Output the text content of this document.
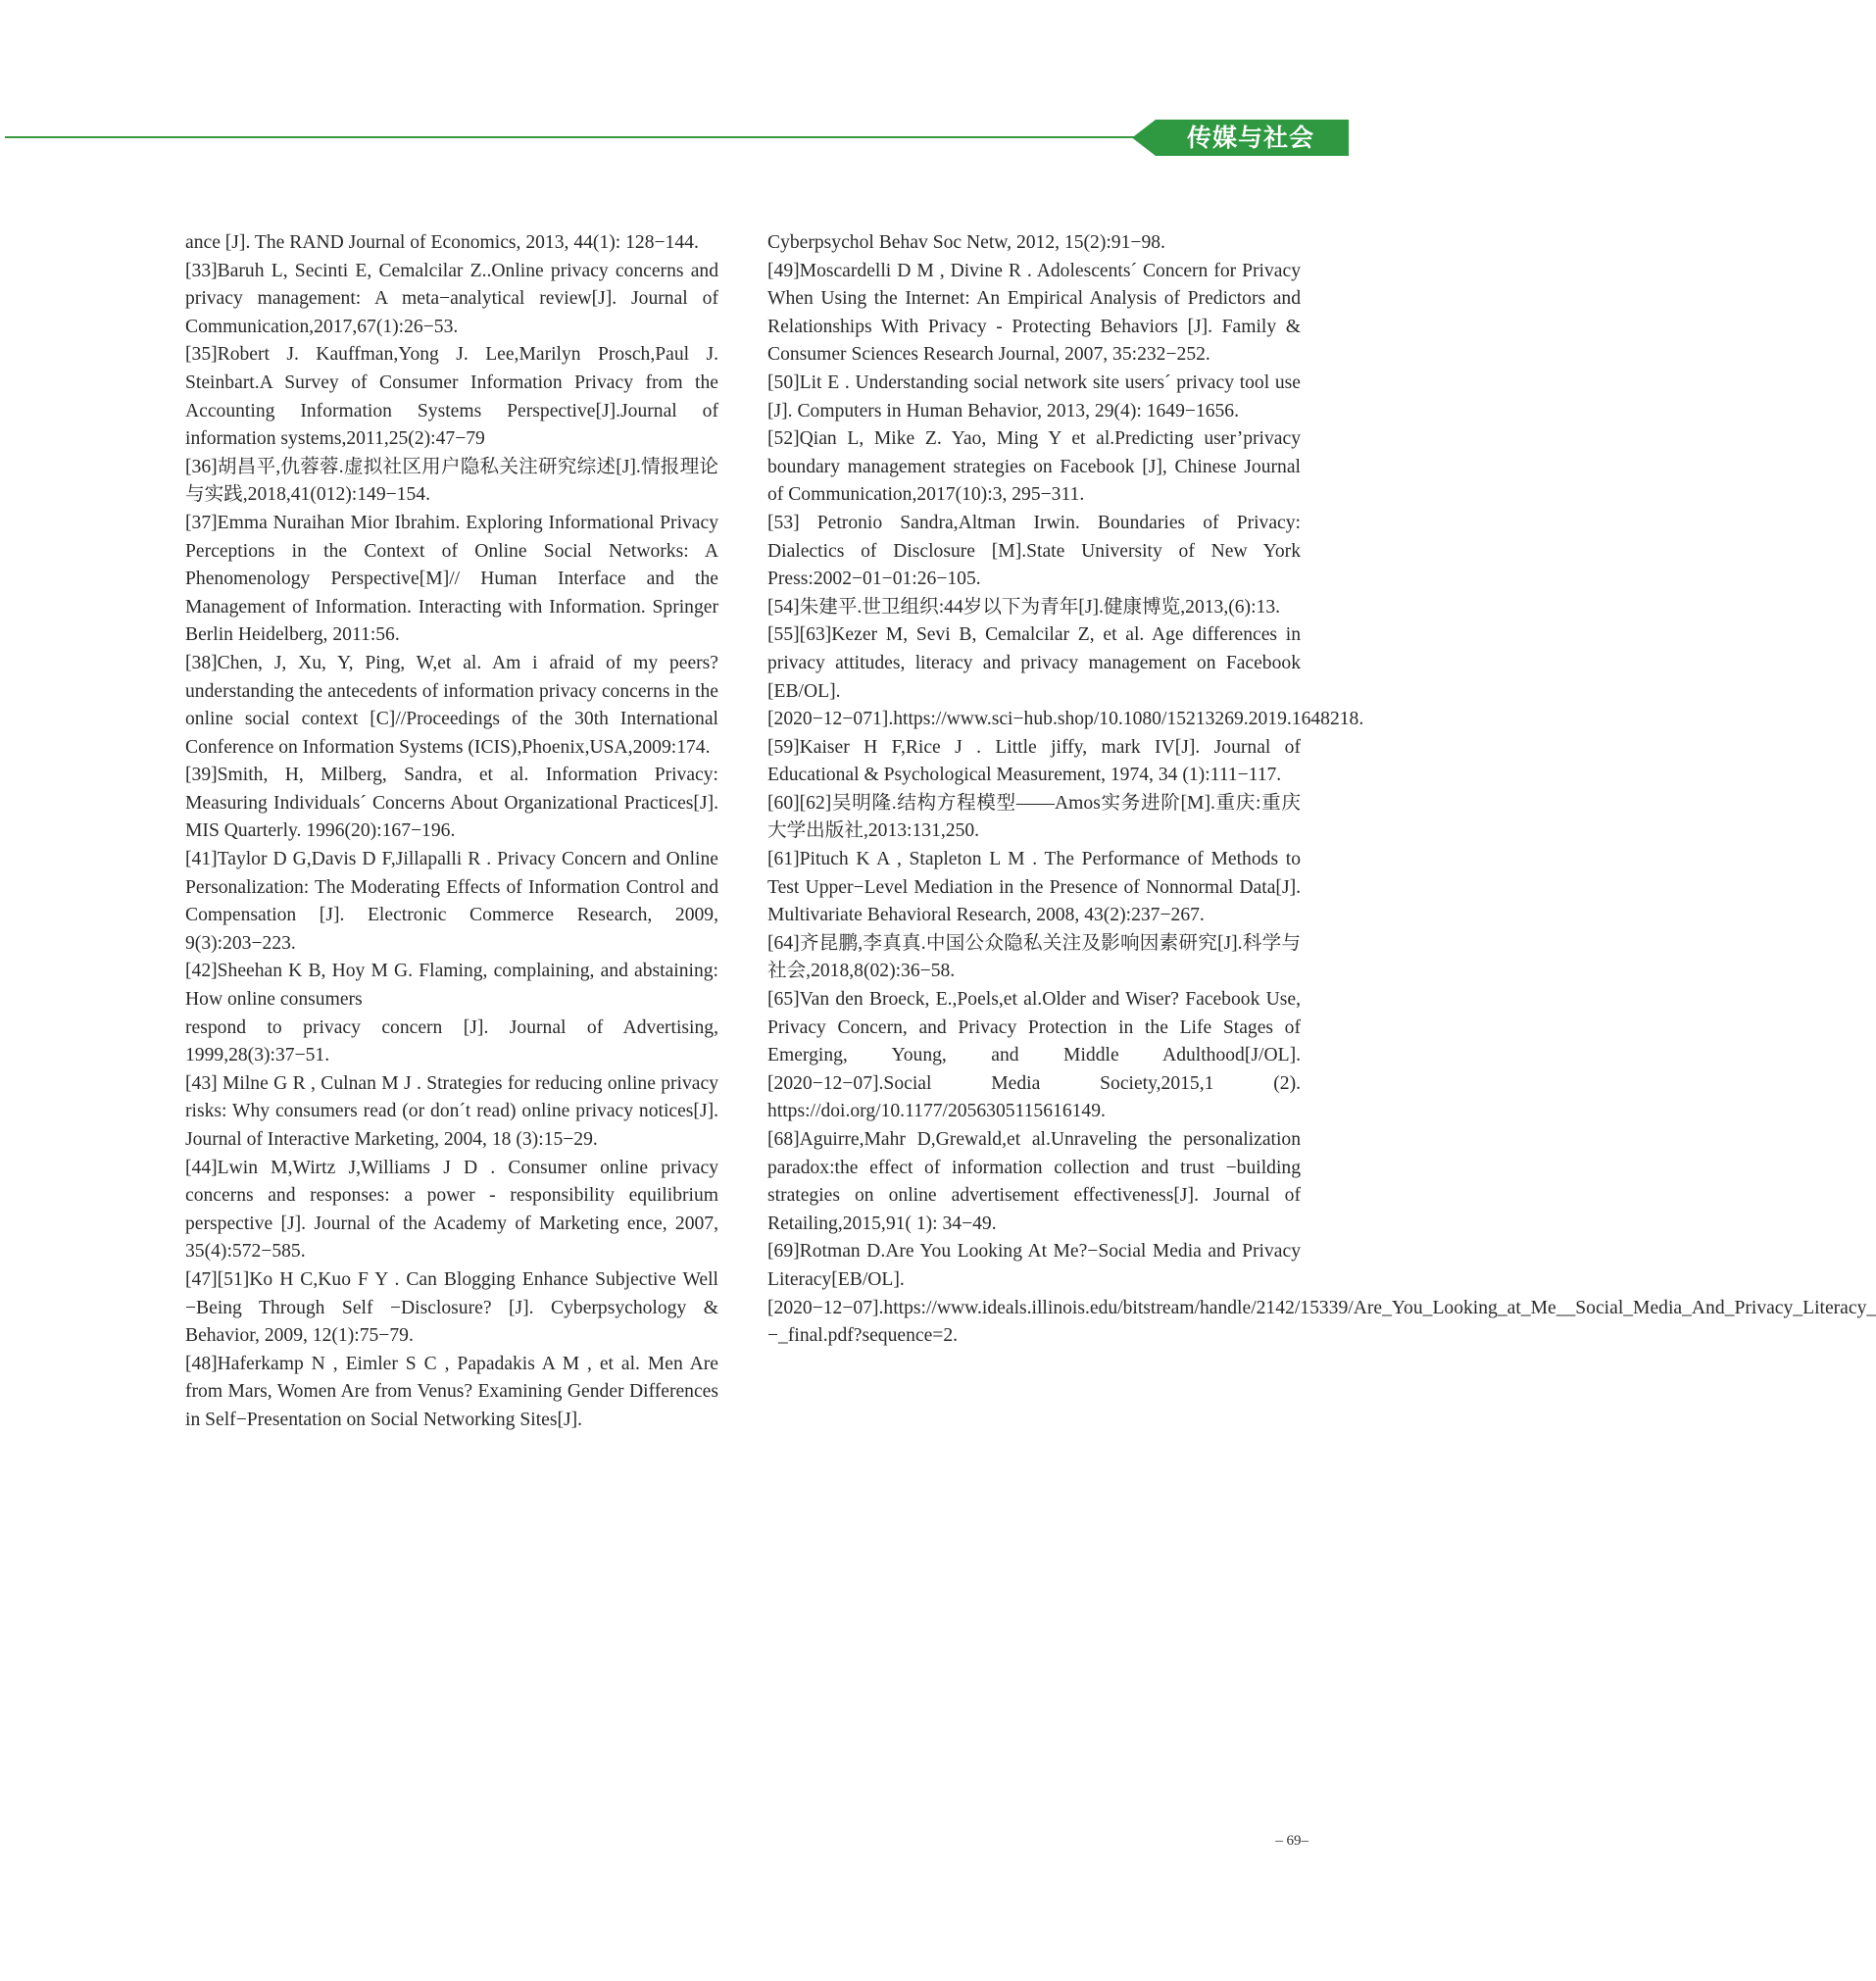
传媒与社会

ance [J]. The RAND Journal of Economics, 2013, 44(1): 128−144.

[33]Baruh L, Secinti E, Cemalcilar Z..Online privacy concerns and privacy management: A meta−analytical review[J]. Journal of Communication,2017,67(1):26−53.

[35]Robert J. Kauffman,Yong J. Lee,Marilyn Prosch,Paul J. Steinbart.A Survey of Consumer Information Privacy from the Accounting Information Systems Perspective[J].Journal of information systems,2011,25(2):47−79

[36]胡昌平,仇蓉蓉.虚拟社区用户隐私关注研究综述[J].情报理论与实践,2018,41(012):149−154.

[37]Emma Nuraihan Mior Ibrahim. Exploring Informational Privacy Perceptions in the Context of Online Social Networks: A Phenomenology Perspective[M]// Human Interface and the Management of Information. Interacting with Information. Springer Berlin Heidelberg, 2011:56.

[38]Chen, J, Xu, Y, Ping, W,et al. Am i afraid of my peers? understanding the antecedents of information privacy concerns in the online social context [C]//Proceedings of the 30th International Conference on Information Systems (ICIS),Phoenix,USA,2009:174.

[39]Smith, H, Milberg, Sandra, et al. Information Privacy: Measuring Individuals´ Concerns About Organizational Practices[J]. MIS Quarterly. 1996(20):167−196.

[41]Taylor D G,Davis D F,Jillapalli R . Privacy Concern and Online Personalization: The Moderating Effects of Information Control and Compensation [J]. Electronic Commerce Research, 2009, 9(3):203−223.

[42]Sheehan K B, Hoy M G. Flaming, complaining, and abstaining: How online consumers

respond to privacy concern [J]. Journal of Advertising, 1999,28(3):37−51.

[43] Milne G R , Culnan M J . Strategies for reducing online privacy risks: Why consumers read (or don´t read) online privacy notices[J]. Journal of Interactive Marketing, 2004, 18 (3):15−29.

[44]Lwin M,Wirtz J,Williams J D . Consumer online privacy concerns and responses: a power - responsibility equilibrium perspective [J]. Journal of the Academy of Marketing ence, 2007, 35(4):572−585.

[47][51]Ko H C,Kuo F Y . Can Blogging Enhance Subjective Well −Being Through Self −Disclosure? [J]. Cyberpsychology & Behavior, 2009, 12(1):75−79.

[48]Haferkamp N , Eimler S C , Papadakis A M , et al. Men Are from Mars, Women Are from Venus? Examining Gender Differences in Self−Presentation on Social Networking Sites[J].

Cyberpsychol Behav Soc Netw, 2012, 15(2):91−98.

[49]Moscardelli D M , Divine R . Adolescents´ Concern for Privacy When Using the Internet: An Empirical Analysis of Predictors and Relationships With Privacy - Protecting Behaviors [J]. Family & Consumer Sciences Research Journal, 2007, 35:232−252.

[50]Lit E . Understanding social network site users´ privacy tool use [J]. Computers in Human Behavior, 2013, 29(4): 1649−1656.

[52]Qian L, Mike Z. Yao, Ming Y et al.Predicting user’privacy boundary management strategies on Facebook [J], Chinese Journal of Communication,2017(10):3, 295−311.

[53] Petronio Sandra,Altman Irwin. Boundaries of Privacy: Dialectics of Disclosure [M].State University of New York Press:2002−01−01:26−105.

[54]朱建平.世卫组织:44岁以下为青年[J].健康博览,2013,(6):13.

[55][63]Kezer M, Sevi B, Cemalcilar Z, et al. Age differences in privacy attitudes, literacy and privacy management on Facebook [EB/OL]. [2020−12−071].https://www.sci−hub.shop/10.1080/15213269.2019.1648218.

[59]Kaiser H F,Rice J . Little jiffy, mark IV[J]. Journal of Educational & Psychological Measurement, 1974, 34 (1):111−117.

[60][62]吴明隆.结构方程模型——Amos实务进阶[M].重庆:重庆大学出版社,2013:131,250.

[61]Pituch K A , Stapleton L M . The Performance of Methods to Test Upper−Level Mediation in the Presence of Nonnormal Data[J]. Multivariate Behavioral Research, 2008, 43(2):237−267.

[64]齐昆鹏,李真真.中国公众隐私关注及影响因素研究[J].科学与社会,2018,8(02):36−58.

[65]Van den Broeck, E.,Poels,et al.Older and Wiser? Facebook Use, Privacy Concern, and Privacy Protection in the Life Stages of Emerging, Young, and Middle Adulthood[J/OL].[2020−12−07].Social Media Society,2015,1 (2). https://doi.org/10.1177/2056305115616149.

[68]Aguirre,Mahr D,Grewald,et al.Unraveling the personalization paradox:the effect of information collection and trust −building strategies on online advertisement effectiveness[J]. Journal of Retailing,2015,91( 1): 34−49.

[69]Rotman D.Are You Looking At Me?−Social Media and Privacy Literacy[EB/OL]. [2020−12−07].https://www.ideals.illinois.edu/bitstream/handle/2142/15339/Are_You_Looking_at_Me__Social_Media_And_Privacy_Literacy_ −_final.pdf?sequence=2.

– 69–
